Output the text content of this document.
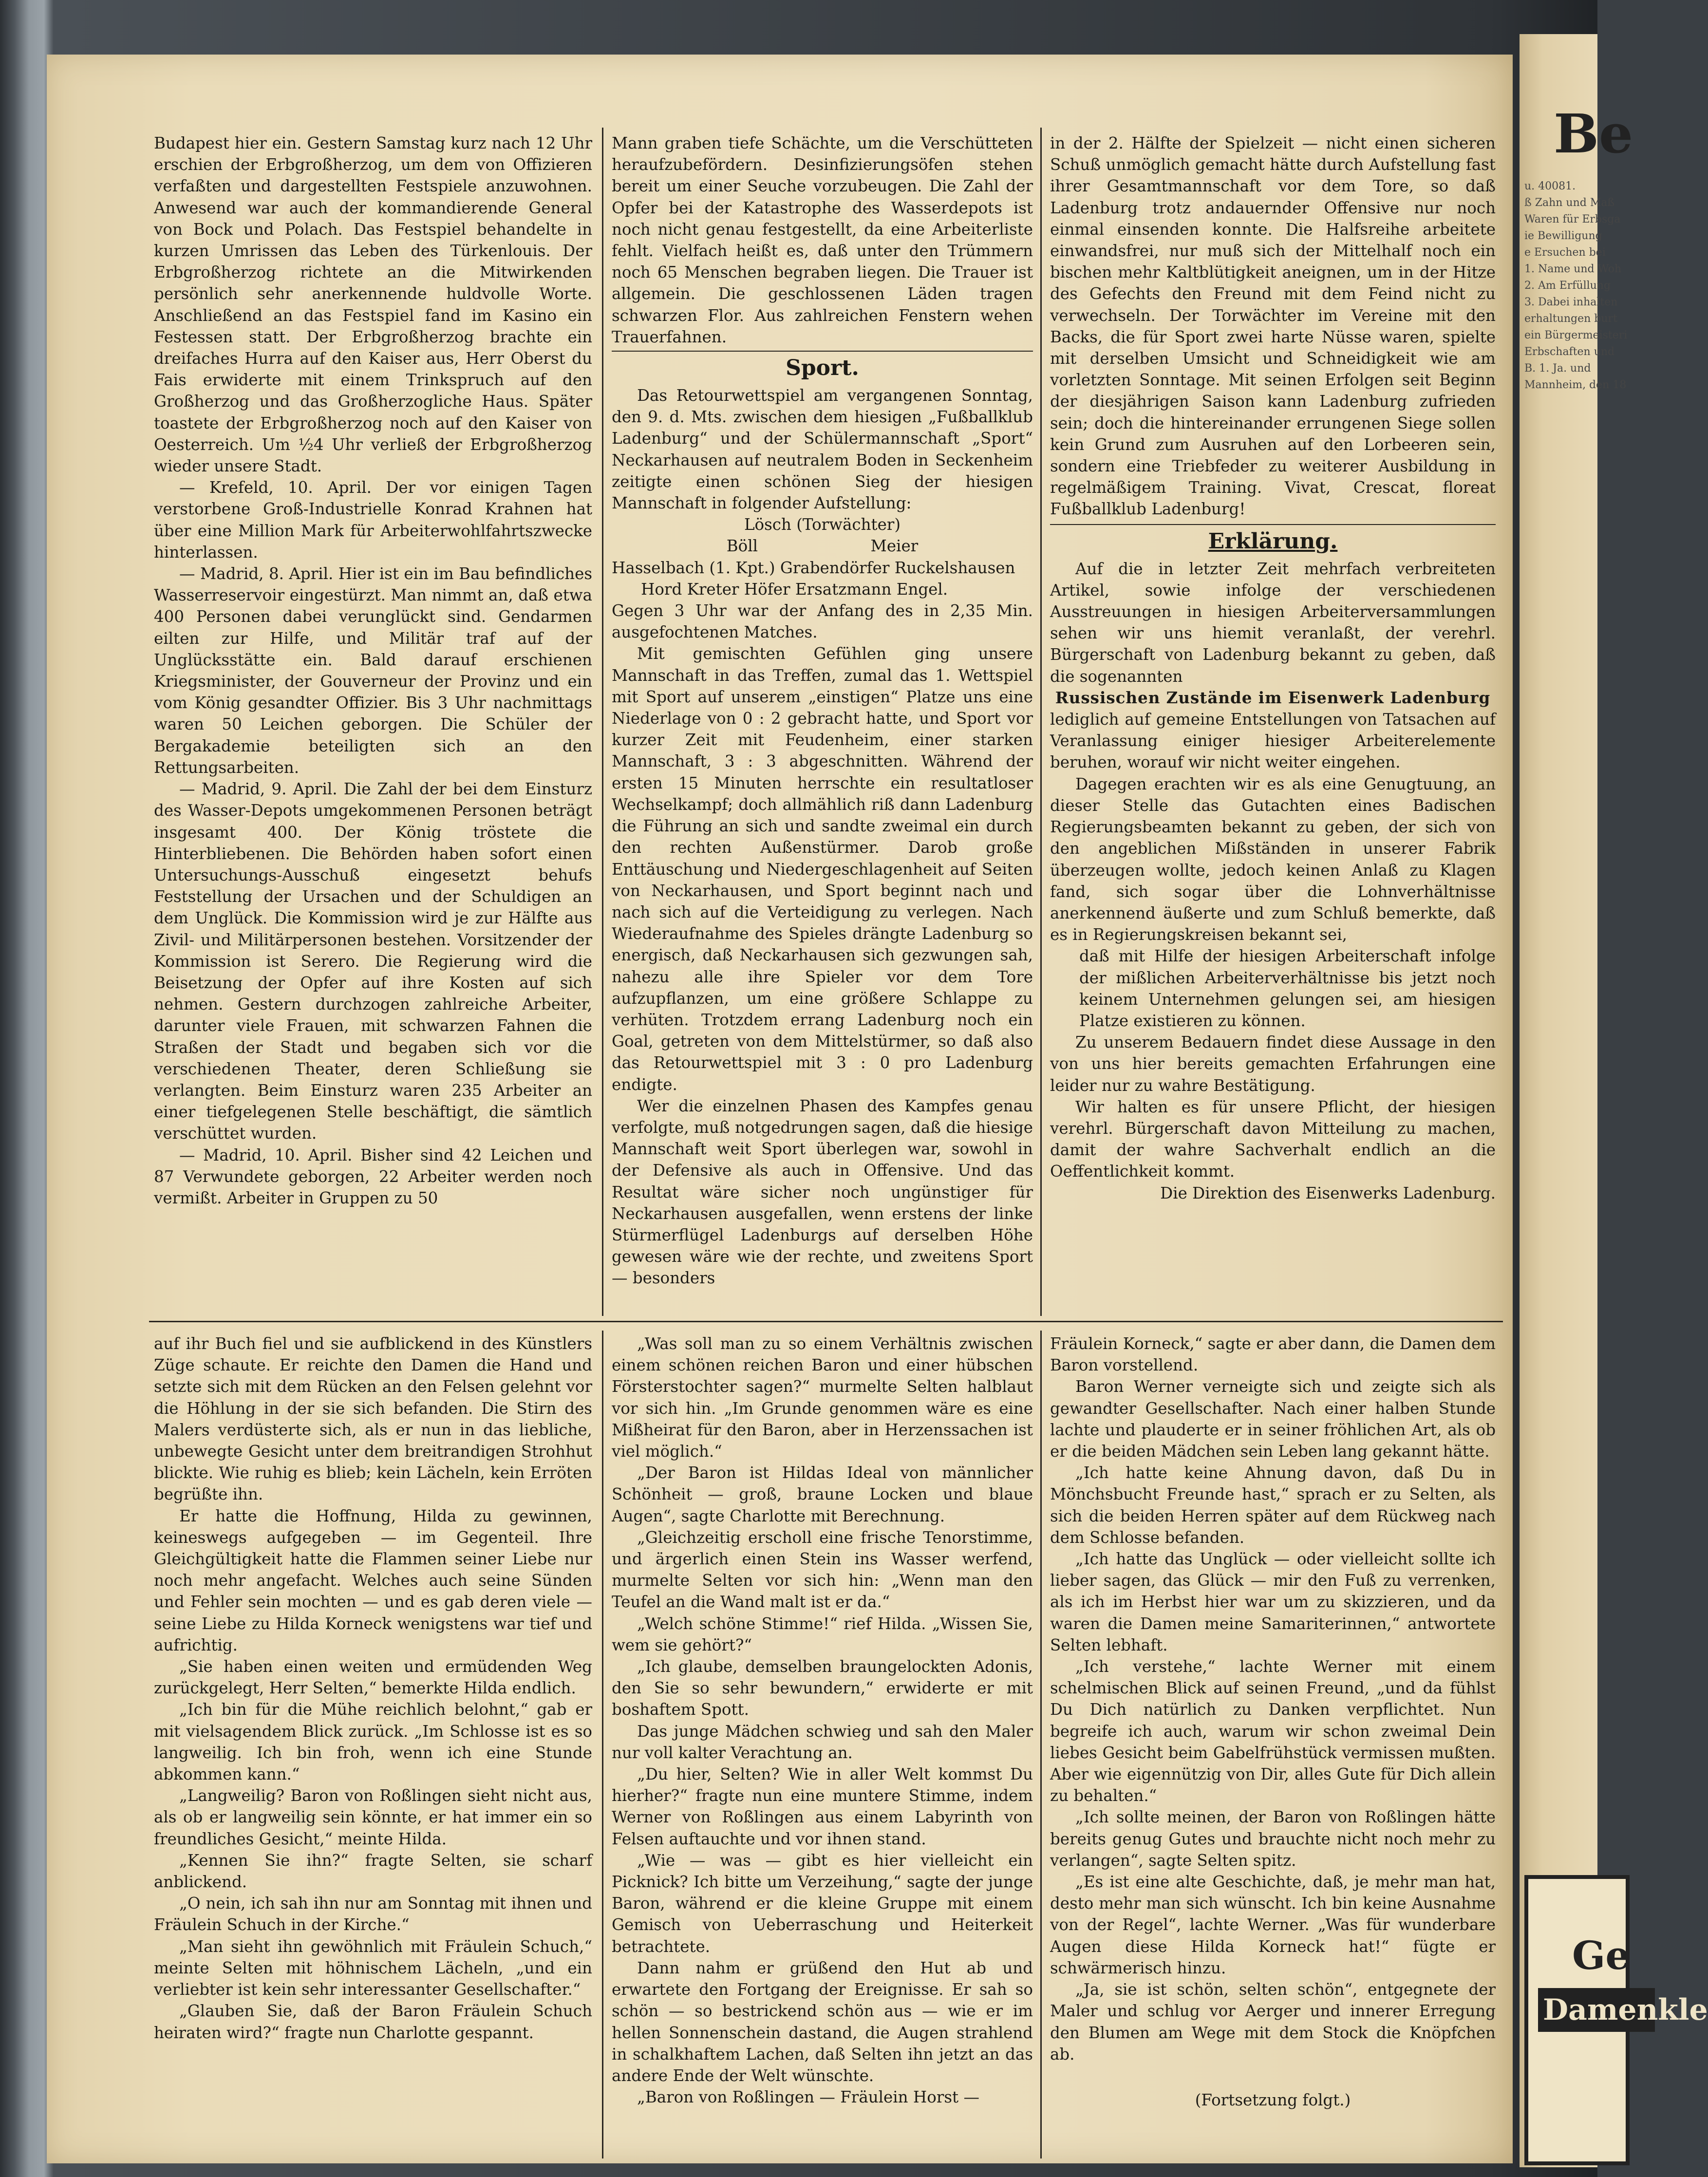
Budapest hier ein. Gestern Samstag kurz nach 12 Uhr erschien der Erbgroßherzog, um dem von Offizieren verfaßten und dargestellten Festspiele anzuwohnen. Anwesend war auch der kommandierende General von Bock und Polach. Das Festspiel behandelte in kurzen Umrissen das Leben des Türkenlouis. Der Erbgroßherzog richtete an die Mitwirkenden persönlich sehr anerkennende huldvolle Worte. Anschließend an das Festspiel fand im Kasino ein Festessen statt. Der Erbgroßherzog brachte ein dreifaches Hurra auf den Kaiser aus, Herr Oberst du Fais erwiderte mit einem Trinkspruch auf den Großherzog und das Großherzogliche Haus. Später toastete der Erbgroßherzog noch auf den Kaiser von Oesterreich. Um ½4 Uhr verließ der Erbgroßherzog wieder unsere Stadt.

— Krefeld, 10. April. Der vor einigen Tagen verstorbene Groß-Industrielle Konrad Krahnen hat über eine Million Mark für Arbeiterwohlfahrtszwecke hinterlassen.

— Madrid, 8. April. Hier ist ein im Bau befindliches Wasserreservoir eingestürzt. Man nimmt an, daß etwa 400 Personen dabei verunglückt sind. Gendarmen eilten zur Hilfe, und Militär traf auf der Unglücksstätte ein. Bald darauf erschienen Kriegsminister, der Gouverneur der Provinz und ein vom König gesandter Offizier. Bis 3 Uhr nachmittags waren 50 Leichen geborgen. Die Schüler der Bergakademie beteiligten sich an den Rettungsarbeiten.

— Madrid, 9. April. Die Zahl der bei dem Einsturz des Wasser-Depots umgekommenen Personen beträgt insgesamt 400. Der König tröstete die Hinterbliebenen. Die Behörden haben sofort einen Untersuchungs-Ausschuß eingesetzt behufs Feststellung der Ursachen und der Schuldigen an dem Unglück. Die Kommission wird je zur Hälfte aus Zivil- und Militärpersonen bestehen. Vorsitzender der Kommission ist Serero. Die Regierung wird die Beisetzung der Opfer auf ihre Kosten auf sich nehmen. Gestern durchzogen zahlreiche Arbeiter, darunter viele Frauen, mit schwarzen Fahnen die Straßen der Stadt und begaben sich vor die verschiedenen Theater, deren Schließung sie verlangten. Beim Einsturz waren 235 Arbeiter an einer tiefgelegenen Stelle beschäftigt, die sämtlich verschüttet wurden.

— Madrid, 10. April. Bisher sind 42 Leichen und 87 Verwundete geborgen, 22 Arbeiter werden noch vermißt. Arbeiter in Gruppen zu 50

Mann graben tiefe Schächte, um die Verschütteten heraufzubefördern. Desinfizierungsöfen stehen bereit um einer Seuche vorzubeugen. Die Zahl der Opfer bei der Katastrophe des Wasserdepots ist noch nicht genau festgestellt, da eine Arbeiterliste fehlt. Vielfach heißt es, daß unter den Trümmern noch 65 Menschen begraben liegen. Die Trauer ist allgemein. Die geschlossenen Läden tragen schwarzen Flor. Aus zahlreichen Fenstern wehen Trauerfahnen.

Sport.

Das Retourwettspiel am vergangenen Sonntag, den 9. d. Mts. zwischen dem hiesigen „Fußballklub Ladenburg“ und der Schülermannschaft „Sport“ Neckarhausen auf neutralem Boden in Seckenheim zeitigte einen schönen Sieg der hiesigen Mannschaft in folgender Aufstellung:

Lösch (Torwächter)

Böll	Meier

Hasselbach (1. Kpt.) Grabendörfer Ruckelshausen

Hord Kreter Höfer Ersatzmann Engel.

Gegen 3 Uhr war der Anfang des in 2,35 Min. ausgefochtenen Matches.

Mit gemischten Gefühlen ging unsere Mannschaft in das Treffen, zumal das 1. Wettspiel mit Sport auf unserem „einstigen“ Platze uns eine Niederlage von 0 : 2 gebracht hatte, und Sport vor kurzer Zeit mit Feudenheim, einer starken Mannschaft, 3 : 3 abgeschnitten. Während der ersten 15 Minuten herrschte ein resultatloser Wechselkampf; doch allmählich riß dann Ladenburg die Führung an sich und sandte zweimal ein durch den rechten Außenstürmer. Darob große Enttäuschung und Niedergeschlagenheit auf Seiten von Neckarhausen, und Sport beginnt nach und nach sich auf die Verteidigung zu verlegen. Nach Wiederaufnahme des Spieles drängte Ladenburg so energisch, daß Neckarhausen sich gezwungen sah, nahezu alle ihre Spieler vor dem Tore aufzupflanzen, um eine größere Schlappe zu verhüten. Trotzdem errang Ladenburg noch ein Goal, getreten von dem Mittelstürmer, so daß also das Retourwettspiel mit 3 : 0 pro Ladenburg endigte.

Wer die einzelnen Phasen des Kampfes genau verfolgte, muß notgedrungen sagen, daß die hiesige Mannschaft weit Sport überlegen war, sowohl in der Defensive als auch in Offensive. Und das Resultat wäre sicher noch ungünstiger für Neckarhausen ausgefallen, wenn erstens der linke Stürmerflügel Ladenburgs auf derselben Höhe gewesen wäre wie der rechte, und zweitens Sport — besonders

in der 2. Hälfte der Spielzeit — nicht einen sicheren Schuß unmöglich gemacht hätte durch Aufstellung fast ihrer Gesamtmannschaft vor dem Tore, so daß Ladenburg trotz andauernder Offensive nur noch einmal einsenden konnte. Die Halfsreihe arbeitete einwandsfrei, nur muß sich der Mittelhalf noch ein bischen mehr Kaltblütigkeit aneignen, um in der Hitze des Gefechts den Freund mit dem Feind nicht zu verwechseln. Der Torwächter im Vereine mit den Backs, die für Sport zwei harte Nüsse waren, spielte mit derselben Umsicht und Schneidigkeit wie am vorletzten Sonntage. Mit seinen Erfolgen seit Beginn der diesjährigen Saison kann Ladenburg zufrieden sein; doch die hintereinander errungenen Siege sollen kein Grund zum Ausruhen auf den Lorbeeren sein, sondern eine Triebfeder zu weiterer Ausbildung in regelmäßigem Training. Vivat, Crescat, floreat Fußballklub Ladenburg!

Erklärung.

Auf die in letzter Zeit mehrfach verbreiteten Artikel, sowie infolge der verschiedenen Ausstreuungen in hiesigen Arbeiterversammlungen sehen wir uns hiemit veranlaßt, der verehrl. Bürgerschaft von Ladenburg bekannt zu geben, daß die sogenannten

Russischen Zustände im Eisenwerk Ladenburg

lediglich auf gemeine Entstellungen von Tatsachen auf Veranlassung einiger hiesiger Arbeiterelemente beruhen, worauf wir nicht weiter eingehen.

Dagegen erachten wir es als eine Genugtuung, an dieser Stelle das Gutachten eines Badischen Regierungsbeamten bekannt zu geben, der sich von den angeblichen Mißständen in unserer Fabrik überzeugen wollte, jedoch keinen Anlaß zu Klagen fand, sich sogar über die Lohnverhältnisse anerkennend äußerte und zum Schluß bemerkte, daß es in Regierungskreisen bekannt sei,

daß mit Hilfe der hiesigen Arbeiterschaft infolge der mißlichen Arbeiterverhältnisse bis jetzt noch keinem Unternehmen gelungen sei, am hiesigen Platze existieren zu können.

Zu unserem Bedauern findet diese Aussage in den von uns hier bereits gemachten Erfahrungen eine leider nur zu wahre Bestätigung.

Wir halten es für unsere Pflicht, der hiesigen verehrl. Bürgerschaft davon Mitteilung zu machen, damit der wahre Sachverhalt endlich an die Oeffentlichkeit kommt.

Die Direktion des Eisenwerks Ladenburg.

auf ihr Buch fiel und sie aufblickend in des Künstlers Züge schaute. Er reichte den Damen die Hand und setzte sich mit dem Rücken an den Felsen gelehnt vor die Höhlung in der sie sich befanden. Die Stirn des Malers verdüsterte sich, als er nun in das liebliche, unbewegte Gesicht unter dem breitrandigen Strohhut blickte. Wie ruhig es blieb; kein Lächeln, kein Erröten begrüßte ihn.

Er hatte die Hoffnung, Hilda zu gewinnen, keineswegs aufgegeben — im Gegenteil. Ihre Gleichgültigkeit hatte die Flammen seiner Liebe nur noch mehr angefacht. Welches auch seine Sünden und Fehler sein mochten — und es gab deren viele — seine Liebe zu Hilda Korneck wenigstens war tief und aufrichtig.

„Sie haben einen weiten und ermüdenden Weg zurückgelegt, Herr Selten,“ bemerkte Hilda endlich.

„Ich bin für die Mühe reichlich belohnt,“ gab er mit vielsagendem Blick zurück. „Im Schlosse ist es so langweilig. Ich bin froh, wenn ich eine Stunde abkommen kann.“

„Langweilig? Baron von Roßlingen sieht nicht aus, als ob er langweilig sein könnte, er hat immer ein so freundliches Gesicht,“ meinte Hilda.

„Kennen Sie ihn?“ fragte Selten, sie scharf anblickend.

„O nein, ich sah ihn nur am Sonntag mit ihnen und Fräulein Schuch in der Kirche.“

„Man sieht ihn gewöhnlich mit Fräulein Schuch,“ meinte Selten mit höhnischem Lächeln, „und ein verliebter ist kein sehr interessanter Gesellschafter.“

„Glauben Sie, daß der Baron Fräulein Schuch heiraten wird?“ fragte nun Charlotte gespannt.

„Was soll man zu so einem Verhältnis zwischen einem schönen reichen Baron und einer hübschen Försterstochter sagen?“ murmelte Selten halblaut vor sich hin. „Im Grunde genommen wäre es eine Mißheirat für den Baron, aber in Herzenssachen ist viel möglich.“

„Der Baron ist Hildas Ideal von männlicher Schönheit — groß, braune Locken und blaue Augen“, sagte Charlotte mit Berechnung.

„Gleichzeitig erscholl eine frische Tenorstimme, und ärgerlich einen Stein ins Wasser werfend, murmelte Selten vor sich hin: „Wenn man den Teufel an die Wand malt ist er da.“

„Welch schöne Stimme!“ rief Hilda. „Wissen Sie, wem sie gehört?“

„Ich glaube, demselben braungelockten Adonis, den Sie so sehr bewundern,“ erwiderte er mit boshaftem Spott.

Das junge Mädchen schwieg und sah den Maler nur voll kalter Verachtung an.

„Du hier, Selten? Wie in aller Welt kommst Du hierher?“ fragte nun eine muntere Stimme, indem Werner von Roßlingen aus einem Labyrinth von Felsen auftauchte und vor ihnen stand.

„Wie — was — gibt es hier vielleicht ein Picknick? Ich bitte um Verzeihung,“ sagte der junge Baron, während er die kleine Gruppe mit einem Gemisch von Ueberraschung und Heiterkeit betrachtete.

Dann nahm er grüßend den Hut ab und erwartete den Fortgang der Ereignisse. Er sah so schön — so bestrickend schön aus — wie er im hellen Sonnenschein dastand, die Augen strahlend in schalkhaftem Lachen, daß Selten ihn jetzt an das andere Ende der Welt wünschte.

„Baron von Roßlingen — Fräulein Horst —

Fräulein Korneck,“ sagte er aber dann, die Damen dem Baron vorstellend.

Baron Werner verneigte sich und zeigte sich als gewandter Gesellschafter. Nach einer halben Stunde lachte und plauderte er in seiner fröhlichen Art, als ob er die beiden Mädchen sein Leben lang gekannt hätte.

„Ich hatte keine Ahnung davon, daß Du in Mönchsbucht Freunde hast,“ sprach er zu Selten, als sich die beiden Herren später auf dem Rückweg nach dem Schlosse befanden.

„Ich hatte das Unglück — oder vielleicht sollte ich lieber sagen, das Glück — mir den Fuß zu verrenken, als ich im Herbst hier war um zu skizzieren, und da waren die Damen meine Samariterinnen,“ antwortete Selten lebhaft.

„Ich verstehe,“ lachte Werner mit einem schelmischen Blick auf seinen Freund, „und da fühlst Du Dich natürlich zu Danken verpflichtet. Nun begreife ich auch, warum wir schon zweimal Dein liebes Gesicht beim Gabelfrühstück vermissen mußten. Aber wie eigennützig von Dir, alles Gute für Dich allein zu behalten.“

„Ich sollte meinen, der Baron von Roßlingen hätte bereits genug Gutes und brauchte nicht noch mehr zu verlangen“, sagte Selten spitz.

„Es ist eine alte Geschichte, daß, je mehr man hat, desto mehr man sich wünscht. Ich bin keine Ausnahme von der Regel“, lachte Werner. „Was für wunderbare Augen diese Hilda Korneck hat!“ fügte er schwärmerisch hinzu.

„Ja, sie ist schön, selten schön“, entgegnete der Maler und schlug vor Aerger und innerer Erregung den Blumen am Wege mit dem Stock die Knöpfchen ab.

(Fortsetzung folgt.)

Be
u. 40081.
ß Zahn und Maß
Waren für Erbsga
ie Bewilligung
e Ersuchen bei
1. Name und Woh
2. Am Erfüllung
3. Dabei inhalten
erhaltungen burt
ein Bürgermeisteri
Erbschaften und
B. 1. Ja. und
Mannheim, den 18
Ge
Damenkle
